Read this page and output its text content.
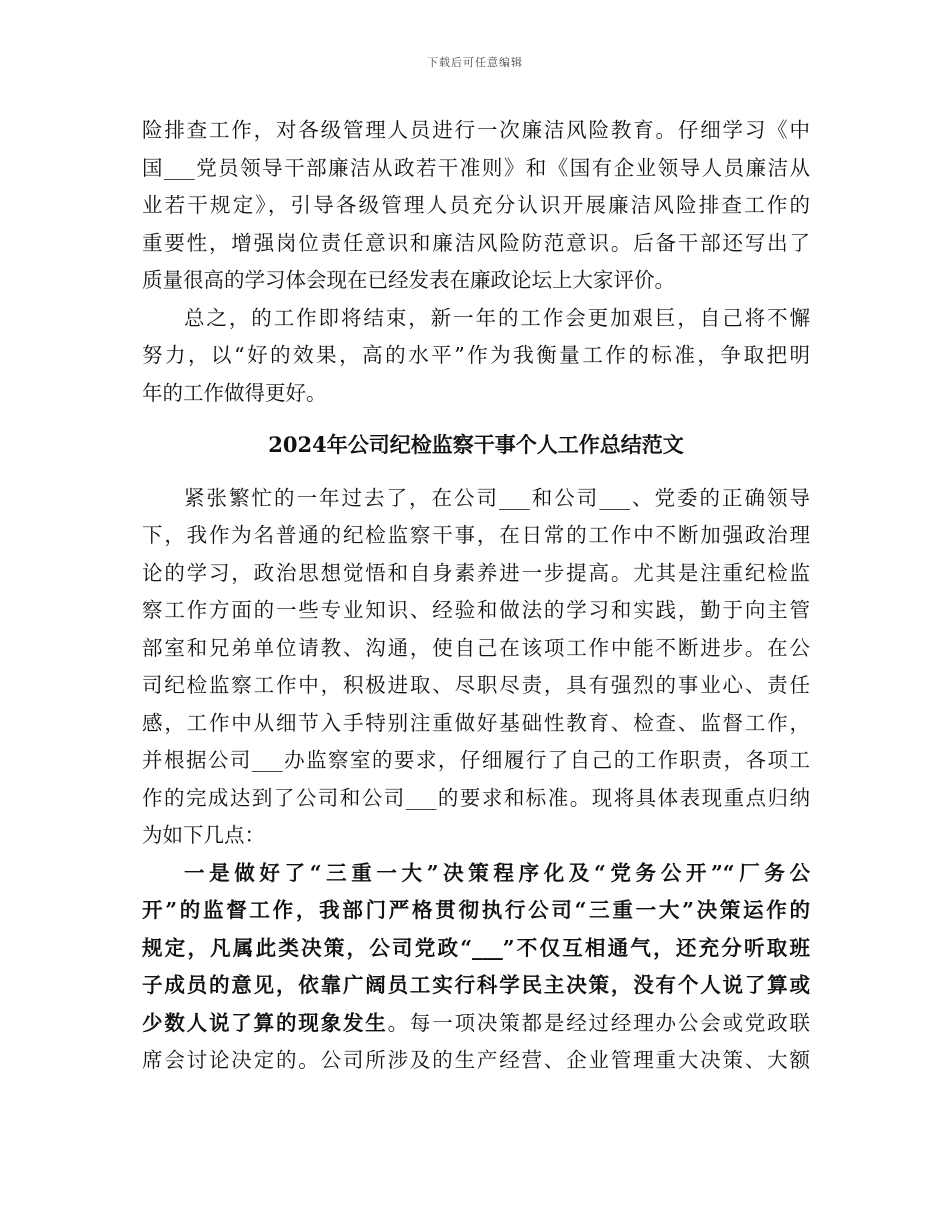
下载后可任意编辑
险排查工作，对各级管理人员进行一次廉洁风险教育。仔细学习《中
国___党员领导干部廉洁从政若干准则》和《国有企业领导人员廉洁从
业若干规定》，引导各级管理人员充分认识开展廉洁风险排查工作的
重要性，增强岗位责任意识和廉洁风险防范意识。后备干部还写出了
质量很高的学习体会现在已经发表在廉政论坛上大家评价。
总之，的工作即将结束，新一年的工作会更加艰巨，自己将不懈
努力，以“好的效果，高的水平”作为我衡量工作的标准，争取把明
年的工作做得更好。
2024年公司纪检监察干事个人工作总结范文
紧张繁忙的一年过去了，在公司___和公司___、党委的正确领导
下，我作为名普通的纪检监察干事，在日常的工作中不断加强政治理
论的学习，政治思想觉悟和自身素养进一步提高。尤其是注重纪检监
察工作方面的一些专业知识、经验和做法的学习和实践，勤于向主管
部室和兄弟单位请教、沟通，使自己在该项工作中能不断进步。在公
司纪检监察工作中，积极进取、尽职尽责，具有强烈的事业心、责任
感，工作中从细节入手特别注重做好基础性教育、检查、监督工作，
并根据公司___办监察室的要求，仔细履行了自己的工作职责，各项工
作的完成达到了公司和公司___的要求和标准。现将具体表现重点归纳
为如下几点：
一是做好了“三重一大”决策程序化及“党务公开”“厂务公
开”的监督工作，我部门严格贯彻执行公司“三重一大”决策运作的
规定，凡属此类决策，公司党政“___”不仅互相通气，还充分听取班
子成员的意见，依靠广阔员工实行科学民主决策，没有个人说了算或
少数人说了算的现象发生。每一项决策都是经过经理办公会或党政联
席会讨论决定的。公司所涉及的生产经营、企业管理重大决策、大额
